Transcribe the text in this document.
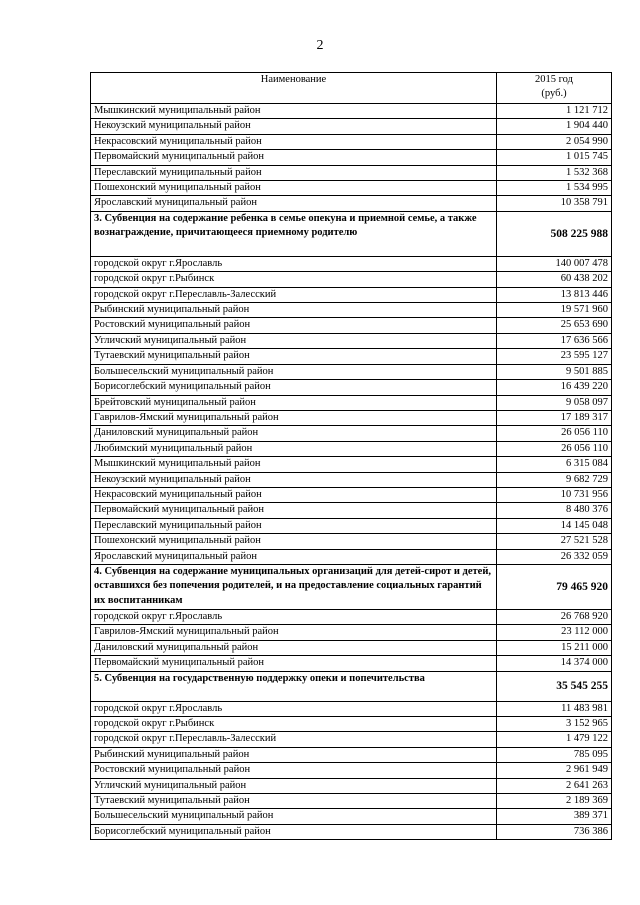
2
Наименование	2015 год
(руб.)
Мышкинский муниципальный район	1 121 712
Некоузский муниципальный район	1 904 440
Некрасовский муниципальный район	2 054 990
Первомайский муниципальный район	1 015 745
Переславский муниципальный район	1 532 368
Пошехонский муниципальный район	1 534 995
Ярославский муниципальный район	10 358 791
3. Субвенция на содержание ребенка в семье опекуна и приемной семье, а также вознаграждение, причитающееся приемному родителю	508 225 988
городской округ г.Ярославль	140 007 478
городской округ г.Рыбинск	60 438 202
городской округ г.Переславль-Залесский	13 813 446
Рыбинский муниципальный район	19 571 960
Ростовский муниципальный район	25 653 690
Угличский муниципальный район	17 636 566
Тутаевский муниципальный район	23 595 127
Большесельский муниципальный район	9 501 885
Борисоглебский муниципальный район	16 439 220
Брейтовский муниципальный район	9 058 097
Гаврилов-Ямский муниципальный район	17 189 317
Даниловский муниципальный район	26 056 110
Любимский муниципальный район	26 056 110
Мышкинский муниципальный район	6 315 084
Некоузский муниципальный район	9 682 729
Некрасовский муниципальный район	10 731 956
Первомайский муниципальный район	8 480 376
Переславский муниципальный район	14 145 048
Пошехонский муниципальный район	27 521 528
Ярославский муниципальный район	26 332 059
4. Субвенция на содержание муниципальных организаций для детей-сирот и детей, оставшихся без попечения родителей, и на предоставление социальных гарантий их воспитанникам	79 465 920
городской округ г.Ярославль	26 768 920
Гаврилов-Ямский муниципальный район	23 112 000
Даниловский муниципальный район	15 211 000
Первомайский муниципальный район	14 374 000
5. Субвенция на государственную поддержку опеки и попечительства	35 545 255
городской округ г.Ярославль	11 483 981
городской округ г.Рыбинск	3 152 965
городской округ г.Переславль-Залесский	1 479 122
Рыбинский муниципальный район	785 095
Ростовский муниципальный район	2 961 949
Угличский муниципальный район	2 641 263
Тутаевский муниципальный район	2 189 369
Большесельский муниципальный район	389 371
Борисоглебский муниципальный район	736 386
